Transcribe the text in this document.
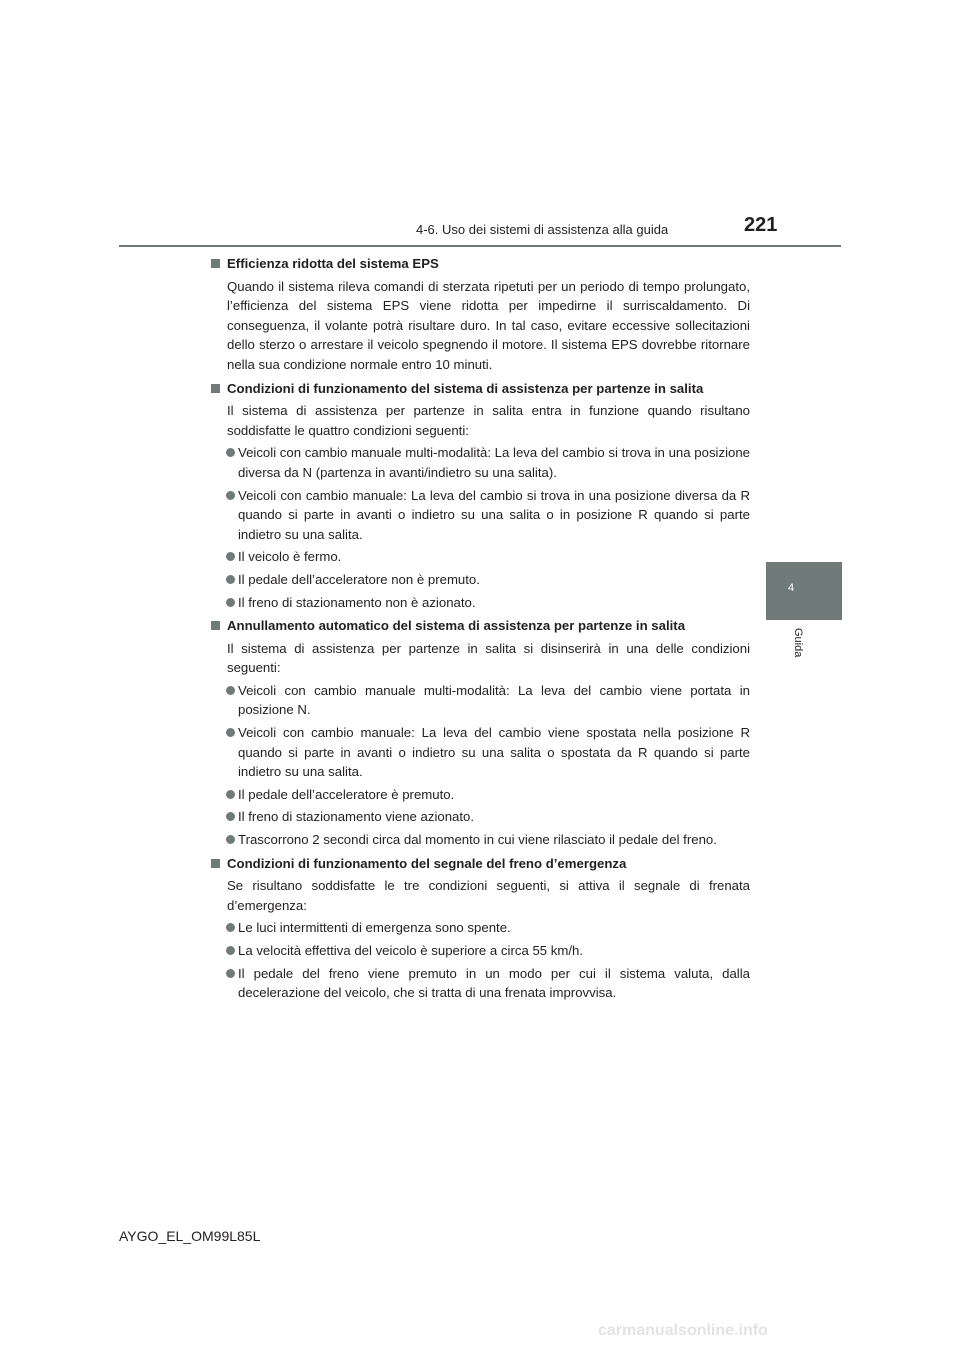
4-6. Uso dei sistemi di assistenza alla guida	221
4
Guida
Efficienza ridotta del sistema EPS
Quando il sistema rileva comandi di sterzata ripetuti per un periodo di tempo prolungato, l’efficienza del sistema EPS viene ridotta per impedirne il surriscaldamento. Di conseguenza, il volante potrà risultare duro. In tal caso, evitare eccessive sollecitazioni dello sterzo o arrestare il veicolo spegnendo il motore. Il sistema EPS dovrebbe ritornare nella sua condizione normale entro 10 minuti.
Condizioni di funzionamento del sistema di assistenza per partenze in salita
Il sistema di assistenza per partenze in salita entra in funzione quando risultano soddisfatte le quattro condizioni seguenti:
Veicoli con cambio manuale multi-modalità: La leva del cambio si trova in una posizione diversa da N (partenza in avanti/indietro su una salita).
Veicoli con cambio manuale: La leva del cambio si trova in una posizione diversa da R quando si parte in avanti o indietro su una salita o in posizione R quando si parte indietro su una salita.
Il veicolo è fermo.
Il pedale dell’acceleratore non è premuto.
Il freno di stazionamento non è azionato.
Annullamento automatico del sistema di assistenza per partenze in salita
Il sistema di assistenza per partenze in salita si disinserirà in una delle condizioni seguenti:
Veicoli con cambio manuale multi-modalità: La leva del cambio viene portata in posizione N.
Veicoli con cambio manuale: La leva del cambio viene spostata nella posizione R quando si parte in avanti o indietro su una salita o spostata da R quando si parte indietro su una salita.
Il pedale dell’acceleratore è premuto.
Il freno di stazionamento viene azionato.
Trascorrono 2 secondi circa dal momento in cui viene rilasciato il pedale del freno.
Condizioni di funzionamento del segnale del freno d’emergenza
Se risultano soddisfatte le tre condizioni seguenti, si attiva il segnale di frenata d’emergenza:
Le luci intermittenti di emergenza sono spente.
La velocità effettiva del veicolo è superiore a circa 55 km/h.
Il pedale del freno viene premuto in un modo per cui il sistema valuta, dalla decelerazione del veicolo, che si tratta di una frenata improvvisa.
AYGO_EL_OM99L85L
carmanualsonline.info
